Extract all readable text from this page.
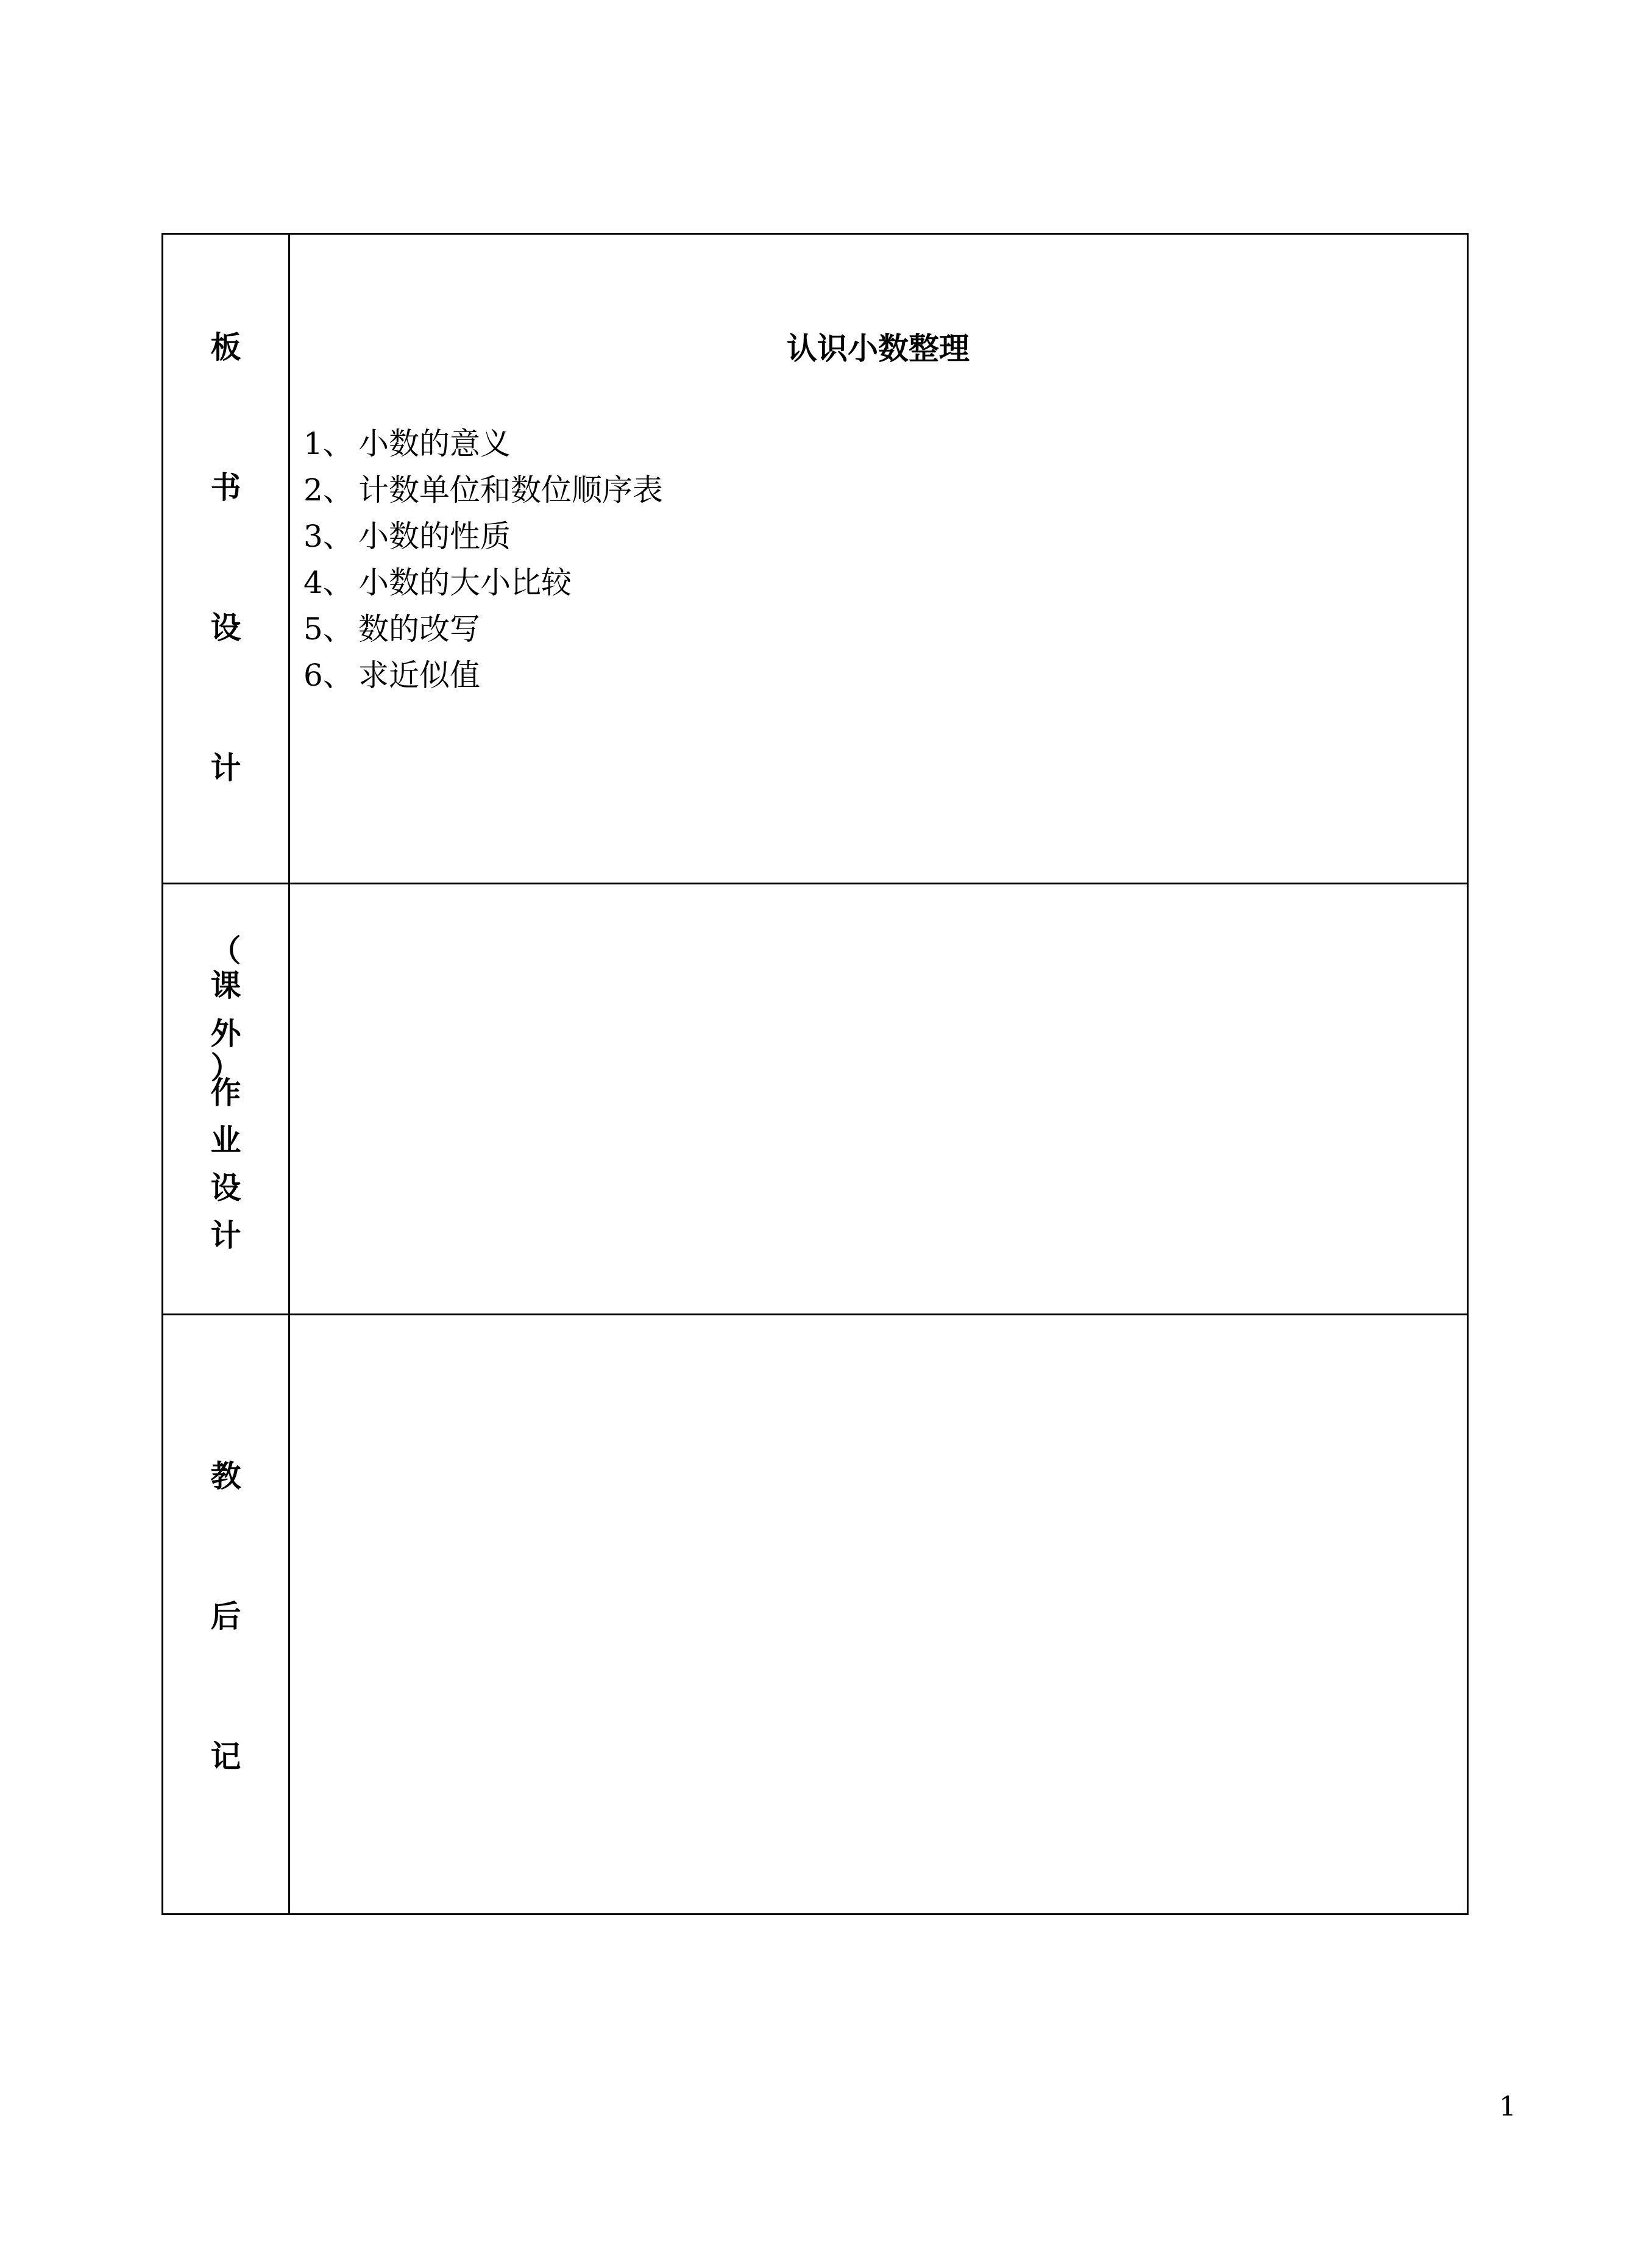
板
书
设
计
认识小数整理
1、 小数的意义
2、 计数单位和数位顺序表
3、 小数的性质
4、 小数的大小比较
5、 数的改写
6、 求近似值
（
课
外
）
作
业
设
计
教
后
记
1
